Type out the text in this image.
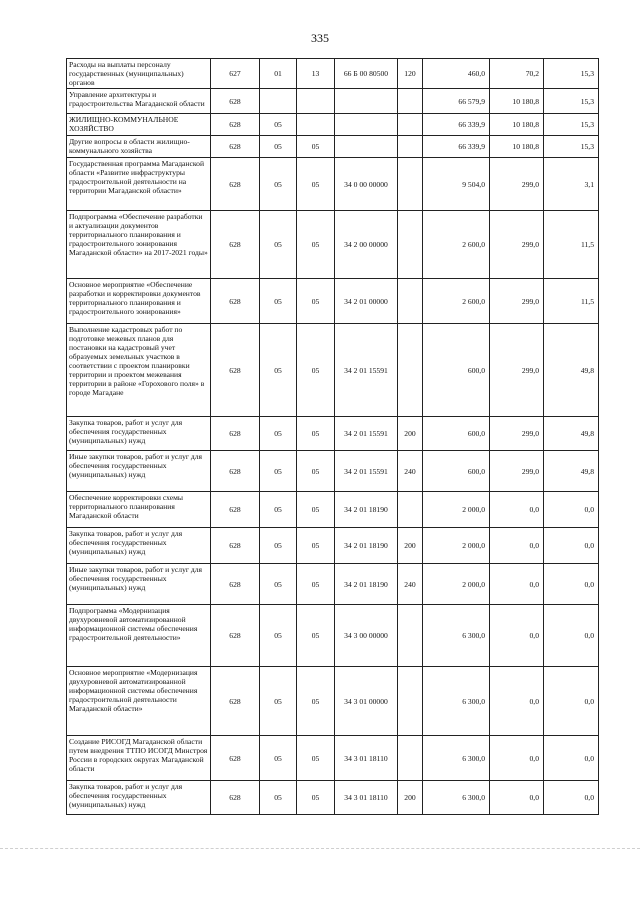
335
Расходы на выплаты персоналу государственных (муниципальных) органов	627	01	13	66 Б 00 80500	120	460,0	70,2	15,3
Управление архитектуры и градостроительства Магаданской области	628					66 579,9	10 180,8	15,3
ЖИЛИЩНО-КОММУНАЛЬНОЕ ХОЗЯЙСТВО	628	05				66 339,9	10 180,8	15,3
Другие вопросы в области жилищно-коммунального хозяйства	628	05	05			66 339,9	10 180,8	15,3
Государственная программа Магаданской области «Развитие инфраструктуры градостроительной деятельности на территории Магаданской области»	628	05	05	34 0 00 00000		9 504,0	299,0	3,1
Подпрограмма «Обеспечение разработки и актуализации документов территориального планирования и градостроительного зонирования Магаданской области» на 2017-2021 годы»	628	05	05	34 2 00 00000		2 600,0	299,0	11,5
Основное мероприятие «Обеспечение разработки и корректировки документов территориального планирования и градостроительного зонирования»	628	05	05	34 2 01 00000		2 600,0	299,0	11,5
Выполнение кадастровых работ по подготовке межевых планов для постановки на кадастровый учет образуемых земельных участков в соответствии с проектом планировки территории и проектом межевания территории в районе «Горохового поля» в городе Магадане	628	05	05	34 2 01 15591		600,0	299,0	49,8
Закупка товаров, работ и услуг для обеспечения государственных (муниципальных) нужд	628	05	05	34 2 01 15591	200	600,0	299,0	49,8
Иные закупки товаров, работ и услуг для обеспечения государственных (муниципальных) нужд	628	05	05	34 2 01 15591	240	600,0	299,0	49,8
Обеспечение корректировки схемы территориального планирования Магаданской области	628	05	05	34 2 01 18190		2 000,0	0,0	0,0
Закупка товаров, работ и услуг для обеспечения государственных (муниципальных) нужд	628	05	05	34 2 01 18190	200	2 000,0	0,0	0,0
Иные закупки товаров, работ и услуг для обеспечения государственных (муниципальных) нужд	628	05	05	34 2 01 18190	240	2 000,0	0,0	0,0
Подпрограмма «Модернизация двухуровневой автоматизированной информационной системы обеспечения градостроительной деятельности»	628	05	05	34 3 00 00000		6 300,0	0,0	0,0
Основное мероприятие «Модернизация двухуровневой автоматизированной информационной системы обеспечения градостроительной деятельности Магаданской области»	628	05	05	34 3 01 00000		6 300,0	0,0	0,0
Создание РИСОГД Магаданской области путем внедрения ТТПО ИСОГД Минстроя России в городских округах Магаданской области	628	05	05	34 3 01 18110		6 300,0	0,0	0,0
Закупка товаров, работ и услуг для обеспечения государственных (муниципальных) нужд	628	05	05	34 3 01 18110	200	6 300,0	0,0	0,0
